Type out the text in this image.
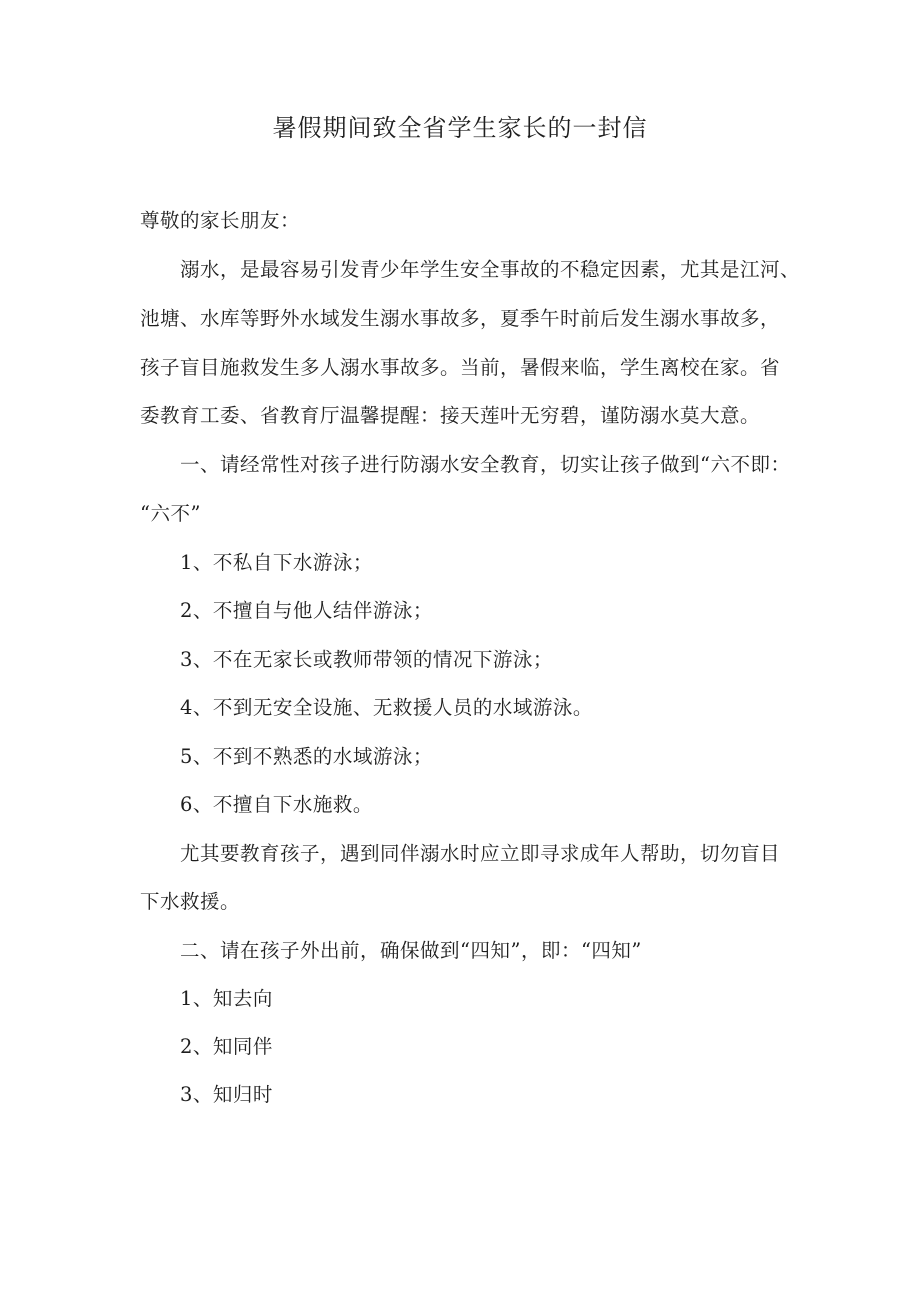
暑假期间致全省学生家长的一封信
尊敬的家长朋友：
溺水，是最容易引发青少年学生安全事故的不稳定因素，尤其是江河、
池塘、水库等野外水域发生溺水事故多，夏季午时前后发生溺水事故多，
孩子盲目施救发生多人溺水事故多。当前，暑假来临，学生离校在家。省
委教育工委、省教育厅温馨提醒：接天莲叶无穷碧，谨防溺水莫大意。
一、请经常性对孩子进行防溺水安全教育，切实让孩子做到“六不即：
“六不”
1、不私自下水游泳；
2、不擅自与他人结伴游泳；
3、不在无家长或教师带领的情况下游泳；
4、不到无安全设施、无救援人员的水域游泳。
5、不到不熟悉的水域游泳；
6、不擅自下水施救。
尤其要教育孩子，遇到同伴溺水时应立即寻求成年人帮助，切勿盲目
下水救援。
二、请在孩子外出前，确保做到“四知”，即：“四知”
1、知去向
2、知同伴
3、知归时
